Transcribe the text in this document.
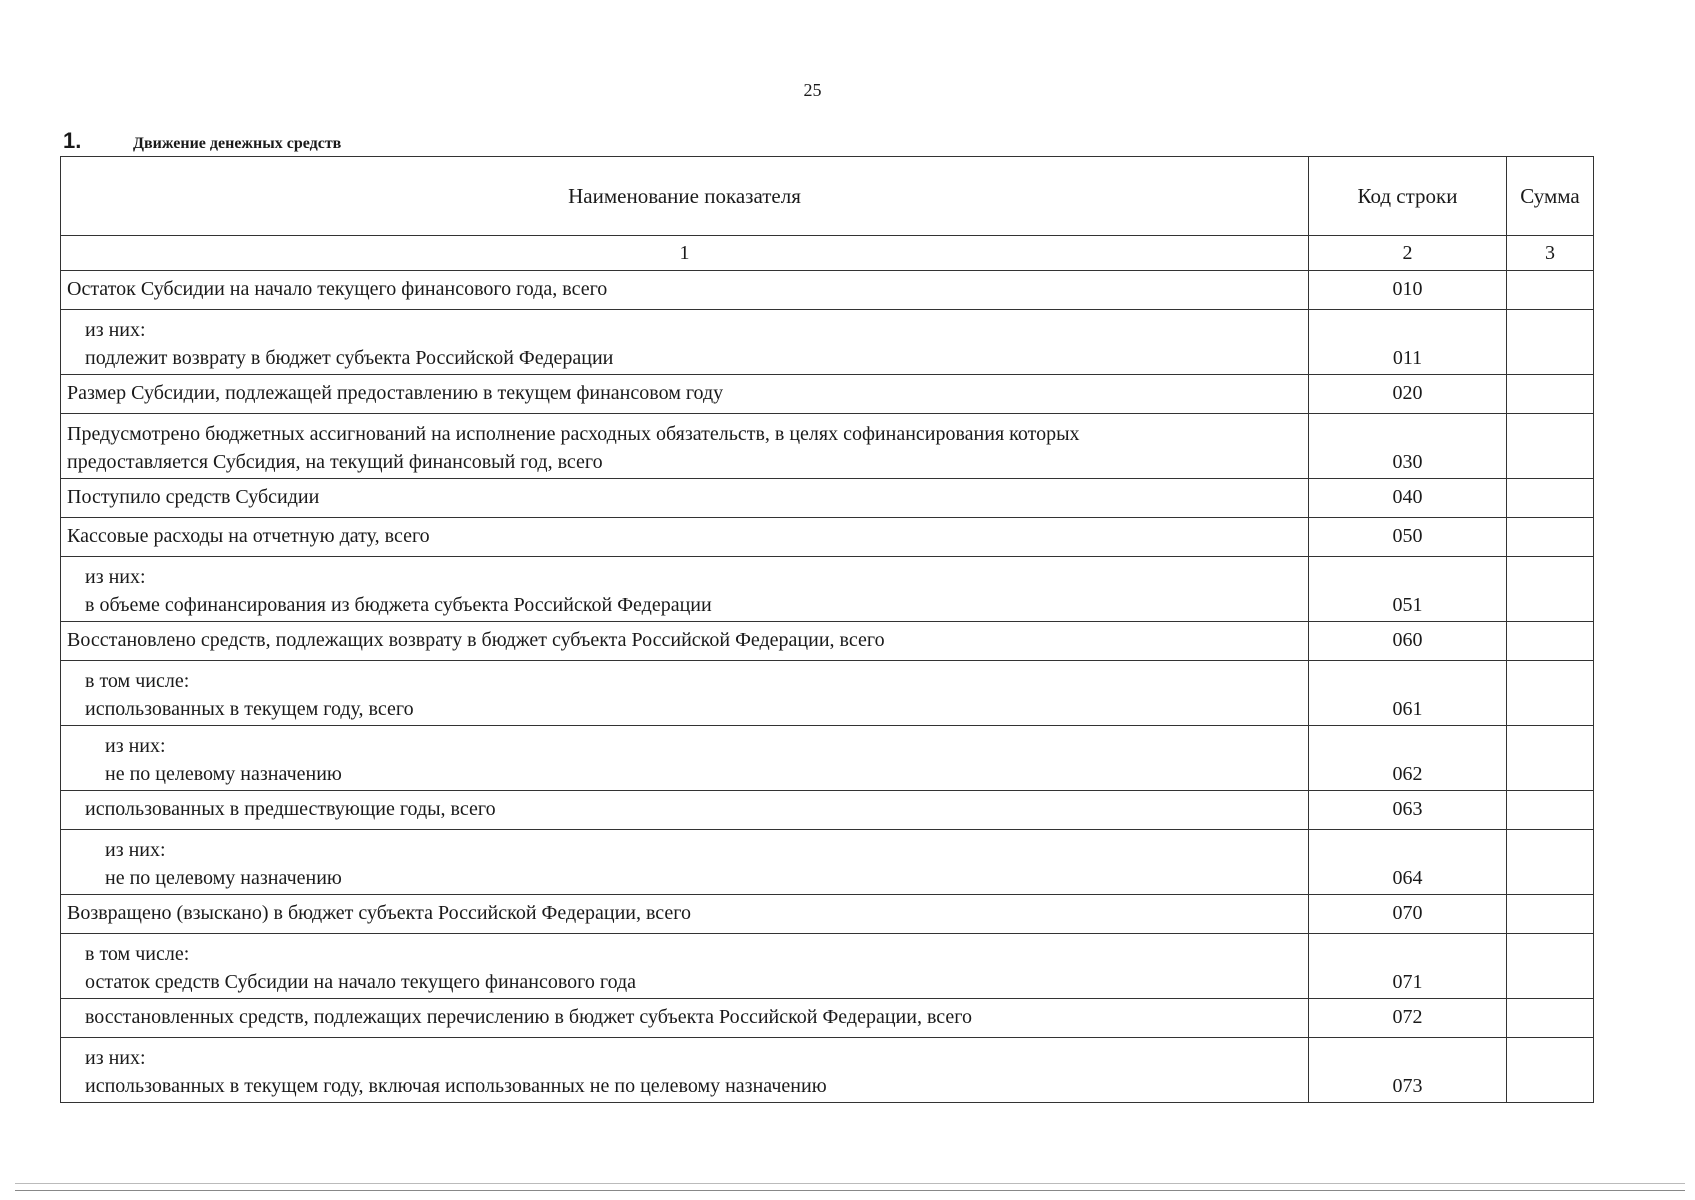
25
1.	Движение денежных средств
Наименование показателя	Код строки	Сумма
1	2	3

Остаток Субсидии на начало текущего финансового года, всего	010	

из них:
подлежит возврату в бюджет субъекта Российской Федерации	011	

Размер Субсидии, подлежащей предоставлению в текущем финансовом году	020	

Предусмотрено бюджетных ассигнований на исполнение расходных обязательств, в целях софинансирования которых
предоставляется Субсидия, на текущий финансовый год, всего	030	

Поступило средств Субсидии	040	

Кассовые расходы на отчетную дату, всего	050	

из них:
в объеме софинансирования из бюджета субъекта Российской Федерации	051	

Восстановлено средств, подлежащих возврату в бюджет субъекта Российской Федерации, всего	060	

в том числе:
использованных в текущем году, всего	061	

из них:
не по целевому назначению	062	

использованных в предшествующие годы, всего	063	

из них:
не по целевому назначению	064	

Возвращено (взыскано) в бюджет субъекта Российской Федерации, всего	070	

в том числе:
остаток средств Субсидии на начало текущего финансового года	071	

восстановленных средств, подлежащих перечислению в бюджет субъекта Российской Федерации, всего	072	

из них:
использованных в текущем году, включая использованных не по целевому назначению	073	
